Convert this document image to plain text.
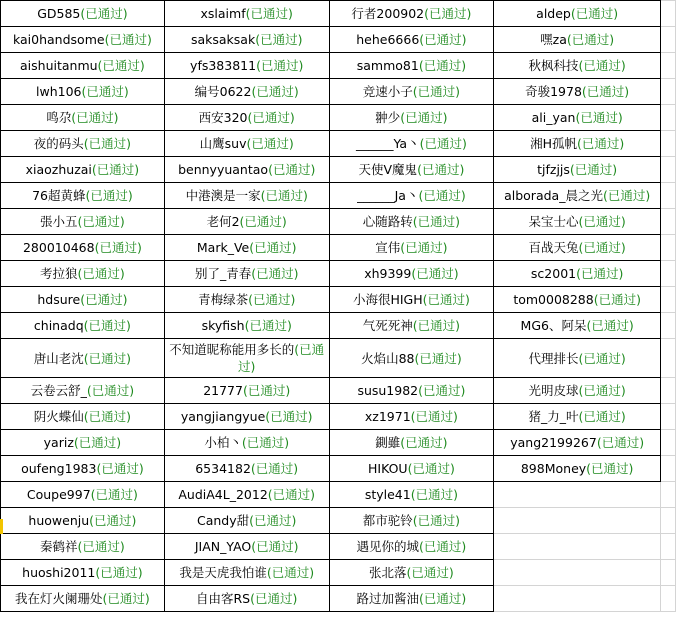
GD585(已通过)	xslaimf(已通过)	行者200902(已通过)	aldep(已通过)	
kai0handsome(已通过)	saksaksak(已通过)	hehe6666(已通过)	嘿za(已通过)	
aishuitanmu(已通过)	yfs383811(已通过)	sammo81(已通过)	秋枫科技(已通过)	
lwh106(已通过)	编号0622(已通过)	竞速小子(已通过)	奇骏1978(已通过)	
鸣尕(已通过)	西安320(已通过)	翀少(已通过)	ali_yan(已通过)	
夜的码头(已通过)	山鹰suv(已通过)	______Ya丶(已通过)	湘H孤帆(已通过)	
xiaozhuzai(已通过)	bennyyuantao(已通过)	天使V魔鬼(已通过)	tjfzjjs(已通过)	
76超黄蜂(已通过)	中港澳是一家(已通过)	______Ja丶(已通过)	alborada_晨之光(已通过)	
張小五(已通过)	老何2(已通过)	心随路转(已通过)	呆宝士心(已通过)	
280010468(已通过)	Mark_Ve(已通过)	宣伟(已通过)	百战天兔(已通过)	
考拉狼(已通过)	别了_青春(已通过)	xh9399(已通过)	sc2001(已通过)	
hdsure(已通过)	青梅绿茶(已通过)	小海很HIGH(已通过)	tom0008288(已通过)	
chinadq(已通过)	skyfish(已通过)	气死死神(已通过)	MG6、阿呆(已通过)	
唐山老沈(已通过)	不知道昵称能用多长的(已通过)	火焰山88(已通过)	代理排长(已通过)	
云卷云舒_(已通过)	21777(已通过)	susu1982(已通过)	光明皮球(已通过)	
阴火蝶仙(已通过)	yangjiangyue(已通过)	xz1971(已通过)	猪_力_叶(已通过)	
yariz(已通过)	小柏丶(已通过)	鍘雖(已通过)	yang2199267(已通过)	
oufeng1983(已通过)	6534182(已通过)	HIKOU(已通过)	898Money(已通过)	
Coupe997(已通过)	AudiA4L_2012(已通过)	style41(已通过)		
huowenju(已通过)	Candy甜(已通过)	都市驼铃(已通过)		
秦鹤祥(已通过)	JIAN_YAO(已通过)	遇见你的城(已通过)		
huoshi2011(已通过)	我是天虎我怕谁(已通过)	张北落(已通过)		
我在灯火阑珊处(已通过)	自由客RS(已通过)	路过加酱油(已通过)		
